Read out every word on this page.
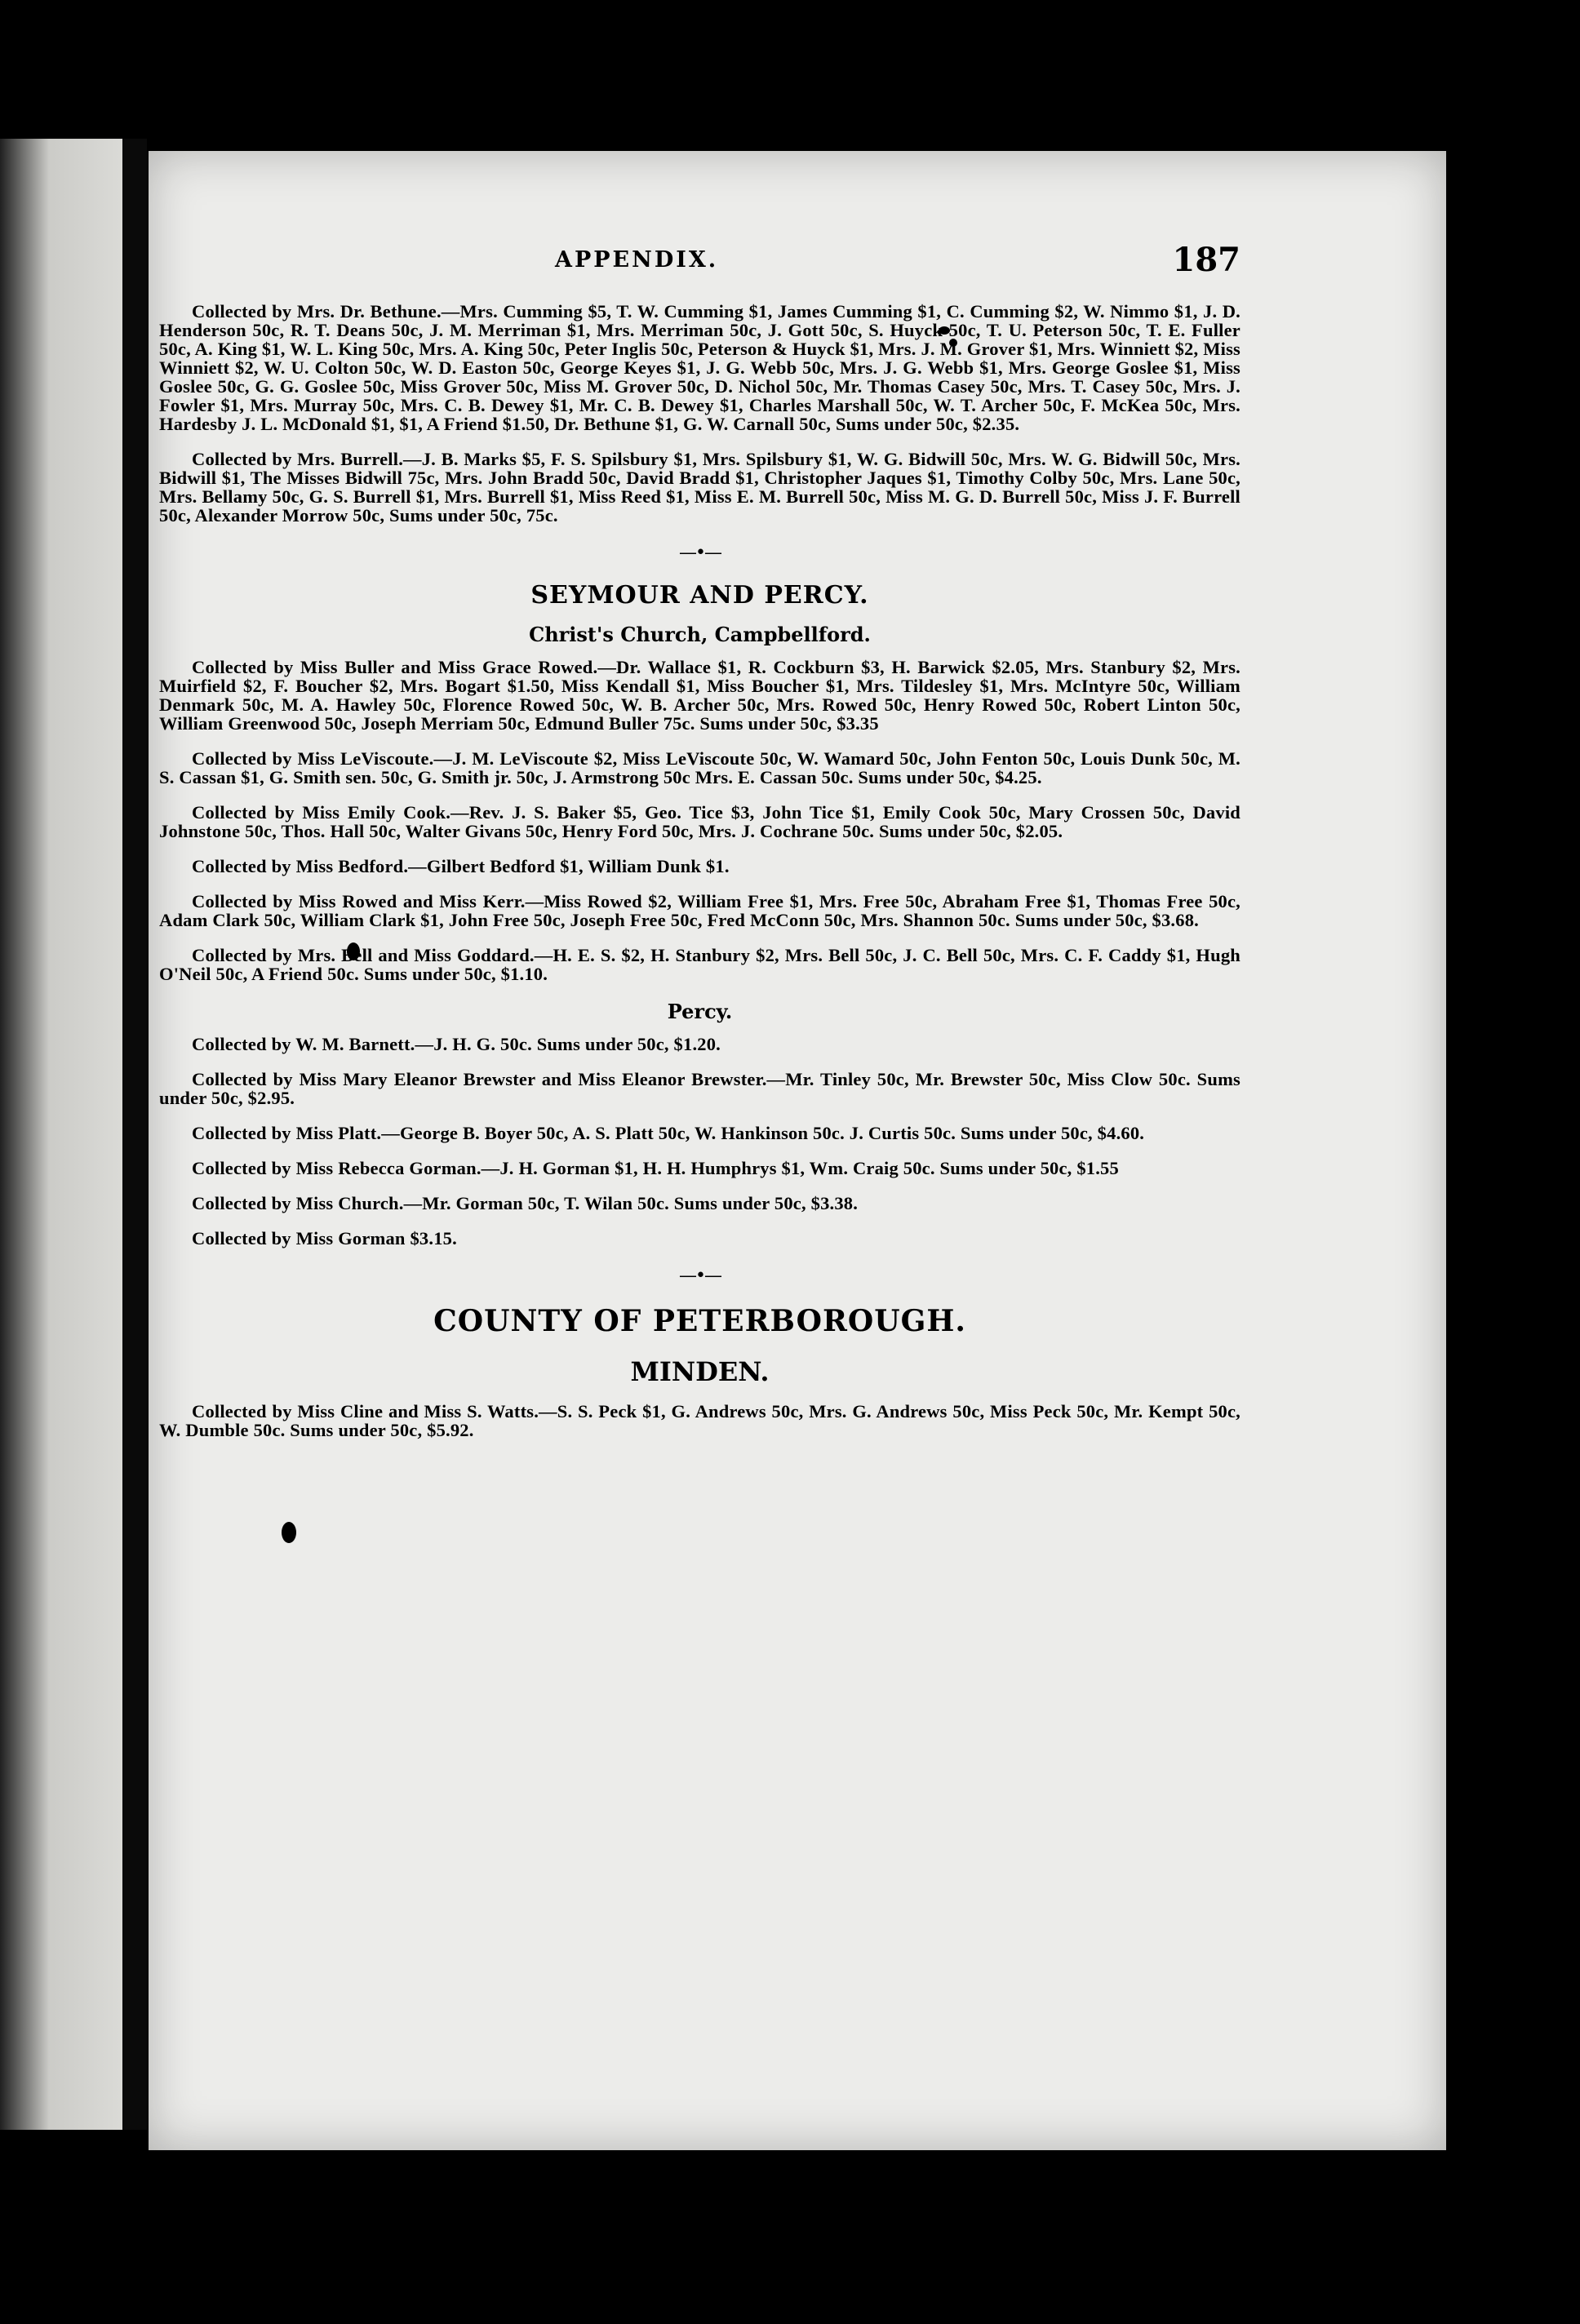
APPENDIX.	187

Collected by Mrs. Dr. Bethune.—Mrs. Cumming $5, T. W. Cumming $1, James Cumming $1, C. Cumming $2, W. Nimmo $1, J. D. Henderson 50c, R. T. Deans 50c, J. M. Merriman $1, Mrs. Merriman 50c, J. Gott 50c, S. Huyck 50c, T. U. Peterson 50c, T. E. Fuller 50c, A. King $1, W. L. King 50c, Mrs. A. King 50c, Peter Inglis 50c, Peterson & Huyck $1, Mrs. J. M. Grover $1, Mrs. Winniett $2, Miss Winniett $2, W. U. Colton 50c, W. D. Easton 50c, George Keyes $1, J. G. Webb 50c, Mrs. J. G. Webb $1, Mrs. George Goslee $1, Miss Goslee 50c, G. G. Goslee 50c, Miss Grover 50c, Miss M. Grover 50c, D. Nichol 50c, Mr. Thomas Casey 50c, Mrs. T. Casey 50c, Mrs. J. Fowler $1, Mrs. Murray 50c, Mrs. C. B. Dewey $1, Mr. C. B. Dewey $1, Charles Marshall 50c, W. T. Archer 50c, F. McKea 50c, Mrs. Hardesby J. L. McDonald $1, $1, A Friend $1.50, Dr. Bethune $1, G. W. Carnall 50c, Sums under 50c, $2.35.

Collected by Mrs. Burrell.—J. B. Marks $5, F. S. Spilsbury $1, Mrs. Spilsbury $1, W. G. Bidwill 50c, Mrs. W. G. Bidwill 50c, Mrs. Bidwill $1, The Misses Bidwill 75c, Mrs. John Bradd 50c, David Bradd $1, Christopher Jaques $1, Timothy Colby 50c, Mrs. Lane 50c, Mrs. Bellamy 50c, G. S. Burrell $1, Mrs. Burrell $1, Miss Reed $1, Miss E. M. Burrell 50c, Miss M. G. D. Burrell 50c, Miss J. F. Burrell 50c, Alexander Morrow 50c, Sums under 50c, 75c.

—•—
SEYMOUR AND PERCY.
Christ's Church, Campbellford.

Collected by Miss Buller and Miss Grace Rowed.—Dr. Wallace $1, R. Cockburn $3, H. Barwick $2.05, Mrs. Stanbury $2, Mrs. Muirfield $2, F. Boucher $2, Mrs. Bogart $1.50, Miss Kendall $1, Miss Boucher $1, Mrs. Tildesley $1, Mrs. McIntyre 50c, William Denmark 50c, M. A. Hawley 50c, Florence Rowed 50c, W. B. Archer 50c, Mrs. Rowed 50c, Henry Rowed 50c, Robert Linton 50c, William Greenwood 50c, Joseph Merriam 50c, Edmund Buller 75c. Sums under 50c, $3.35

Collected by Miss LeViscoute.—J. M. LeViscoute $2, Miss LeViscoute 50c, W. Wamard 50c, John Fenton 50c, Louis Dunk 50c, M. S. Cassan $1, G. Smith sen. 50c, G. Smith jr. 50c, J. Armstrong 50c Mrs. E. Cassan 50c. Sums under 50c, $4.25.

Collected by Miss Emily Cook.—Rev. J. S. Baker $5, Geo. Tice $3, John Tice $1, Emily Cook 50c, Mary Crossen 50c, David Johnstone 50c, Thos. Hall 50c, Walter Givans 50c, Henry Ford 50c, Mrs. J. Cochrane 50c. Sums under 50c, $2.05.

Collected by Miss Bedford.—Gilbert Bedford $1, William Dunk $1.

Collected by Miss Rowed and Miss Kerr.—Miss Rowed $2, William Free $1, Mrs. Free 50c, Abraham Free $1, Thomas Free 50c, Adam Clark 50c, William Clark $1, John Free 50c, Joseph Free 50c, Fred McConn 50c, Mrs. Shannon 50c. Sums under 50c, $3.68.

Collected by Mrs. Bell and Miss Goddard.—H. E. S. $2, H. Stanbury $2, Mrs. Bell 50c, J. C. Bell 50c, Mrs. C. F. Caddy $1, Hugh O'Neil 50c, A Friend 50c. Sums under 50c, $1.10.

Percy.

Collected by W. M. Barnett.—J. H. G. 50c. Sums under 50c, $1.20.

Collected by Miss Mary Eleanor Brewster and Miss Eleanor Brewster.—Mr. Tinley 50c, Mr. Brewster 50c, Miss Clow 50c. Sums under 50c, $2.95.

Collected by Miss Platt.—George B. Boyer 50c, A. S. Platt 50c, W. Hankinson 50c. J. Curtis 50c. Sums under 50c, $4.60.

Collected by Miss Rebecca Gorman.—J. H. Gorman $1, H. H. Humphrys $1, Wm. Craig 50c. Sums under 50c, $1.55

Collected by Miss Church.—Mr. Gorman 50c, T. Wilan 50c. Sums under 50c, $3.38.

Collected by Miss Gorman $3.15.

—•—
COUNTY OF PETERBOROUGH.
MINDEN.

Collected by Miss Cline and Miss S. Watts.—S. S. Peck $1, G. Andrews 50c, Mrs. G. Andrews 50c, Miss Peck 50c, Mr. Kempt 50c, W. Dumble 50c. Sums under 50c, $5.92.
